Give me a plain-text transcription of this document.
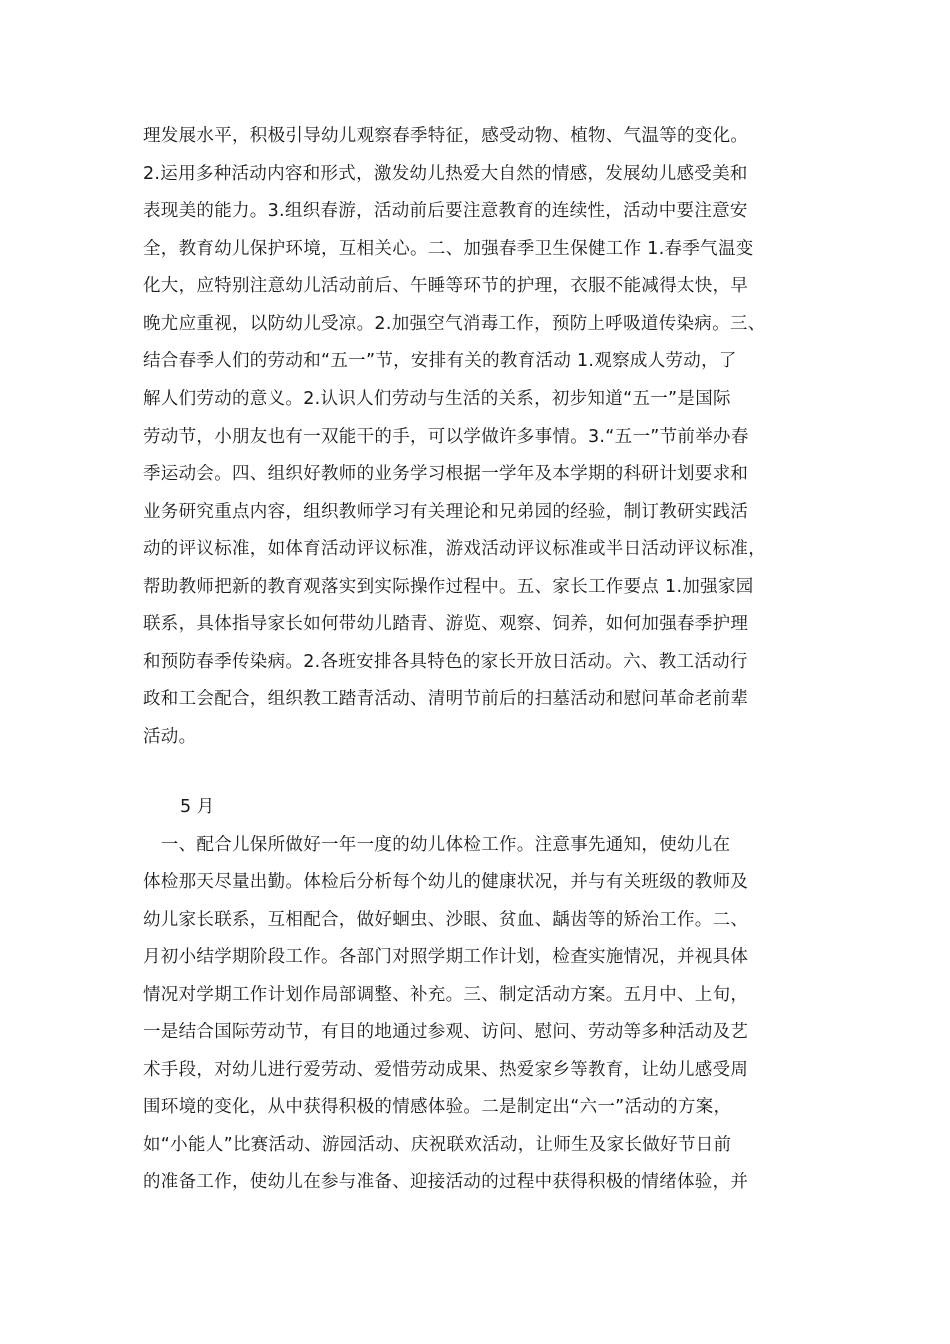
理发展水平，积极引导幼儿观察春季特征，感受动物、植物、气温等的变化。
2.运用多种活动内容和形式，激发幼儿热爱大自然的情感，发展幼儿感受美和
表现美的能力。3.组织春游，活动前后要注意教育的连续性，活动中要注意安
全，教育幼儿保护环境，互相关心。二、加强春季卫生保健工作 1.春季气温变
化大，应特别注意幼儿活动前后、午睡等环节的护理，衣服不能减得太快，早
晚尤应重视，以防幼儿受凉。2.加强空气消毒工作，预防上呼吸道传染病。三、
结合春季人们的劳动和“五一”节，安排有关的教育活动 1.观察成人劳动，了
解人们劳动的意义。2.认识人们劳动与生活的关系，初步知道“五一”是国际
劳动节，小朋友也有一双能干的手，可以学做许多事情。3.“五一”节前举办春
季运动会。四、组织好教师的业务学习根据一学年及本学期的科研计划要求和
业务研究重点内容，组织教师学习有关理论和兄弟园的经验，制订教研实践活
动的评议标准，如体育活动评议标准，游戏活动评议标准或半日活动评议标准，
帮助教师把新的教育观落实到实际操作过程中。五、家长工作要点 1.加强家园
联系，具体指导家长如何带幼儿踏青、游览、观察、饲养，如何加强春季护理
和预防春季传染病。2.各班安排各具特色的家长开放日活动。六、教工活动行
政和工会配合，组织教工踏青活动、清明节前后的扫墓活动和慰问革命老前辈
活动。
5 月
　一、配合儿保所做好一年一度的幼儿体检工作。注意事先通知，使幼儿在
体检那天尽量出勤。体检后分析每个幼儿的健康状况，并与有关班级的教师及
幼儿家长联系，互相配合，做好蛔虫、沙眼、贫血、龋齿等的矫治工作。二、
月初小结学期阶段工作。各部门对照学期工作计划，检查实施情况，并视具体
情况对学期工作计划作局部调整、补充。三、制定活动方案。五月中、上旬，
一是结合国际劳动节，有目的地通过参观、访问、慰问、劳动等多种活动及艺
术手段，对幼儿进行爱劳动、爱惜劳动成果、热爱家乡等教育，让幼儿感受周
围环境的变化，从中获得积极的情感体验。二是制定出“六一”活动的方案，
如“小能人”比赛活动、游园活动、庆祝联欢活动，让师生及家长做好节日前
的准备工作，使幼儿在参与准备、迎接活动的过程中获得积极的情绪体验，并
